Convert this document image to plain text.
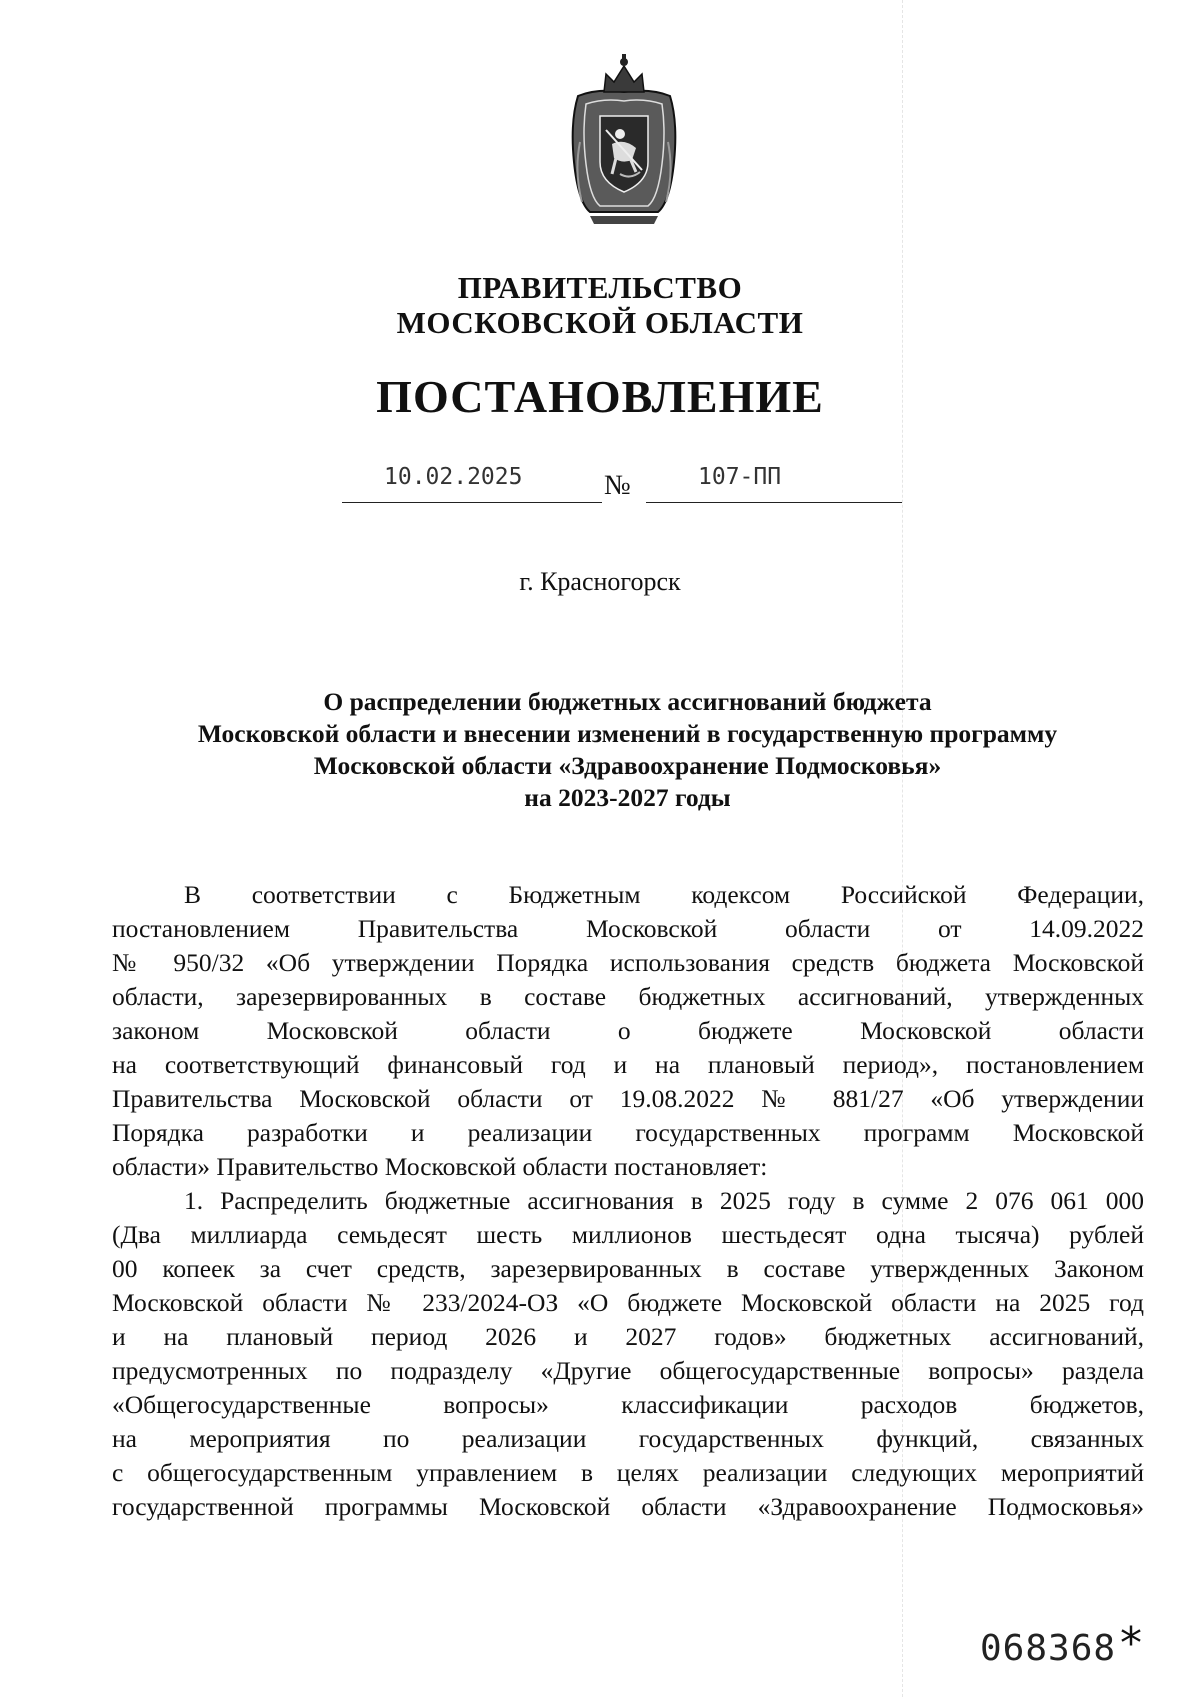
ПРАВИТЕЛЬСТВО
МОСКОВСКОЙ ОБЛАСТИ
ПОСТАНОВЛЕНИЕ
10.02.2025	№	107-ПП
г. Красногорск
О распределении бюджетных ассигнований бюджета
Московской области и внесении изменений в государственную программу
Московской области «Здравоохранение Подмосковья»
на 2023-2027 годы
В соответствии с Бюджетным кодексом Российской Федерации,
постановлением Правительства Московской области от 14.09.2022
№ 950/32 «Об утверждении Порядка использования средств бюджета Московской
области, зарезервированных в составе бюджетных ассигнований, утвержденных
законом Московской области о бюджете Московской области
на соответствующий финансовый год и на плановый период», постановлением
Правительства Московской области от 19.08.2022 № 881/27 «Об утверждении
Порядка разработки и реализации государственных программ Московской
области» Правительство Московской области постановляет:
1. Распределить бюджетные ассигнования в 2025 году в сумме 2 076 061 000
(Два миллиарда семьдесят шесть миллионов шестьдесят одна тысяча) рублей
00 копеек за счет средств, зарезервированных в составе утвержденных Законом
Московской области № 233/2024-ОЗ «О бюджете Московской области на 2025 год
и на плановый период 2026 и 2027 годов» бюджетных ассигнований,
предусмотренных по подразделу «Другие общегосударственные вопросы» раздела
«Общегосударственные вопросы» классификации расходов бюджетов,
на мероприятия по реализации государственных функций, связанных
с общегосударственным управлением в целях реализации следующих мероприятий
государственной программы Московской области «Здравоохранение Подмосковья»
068368 *
